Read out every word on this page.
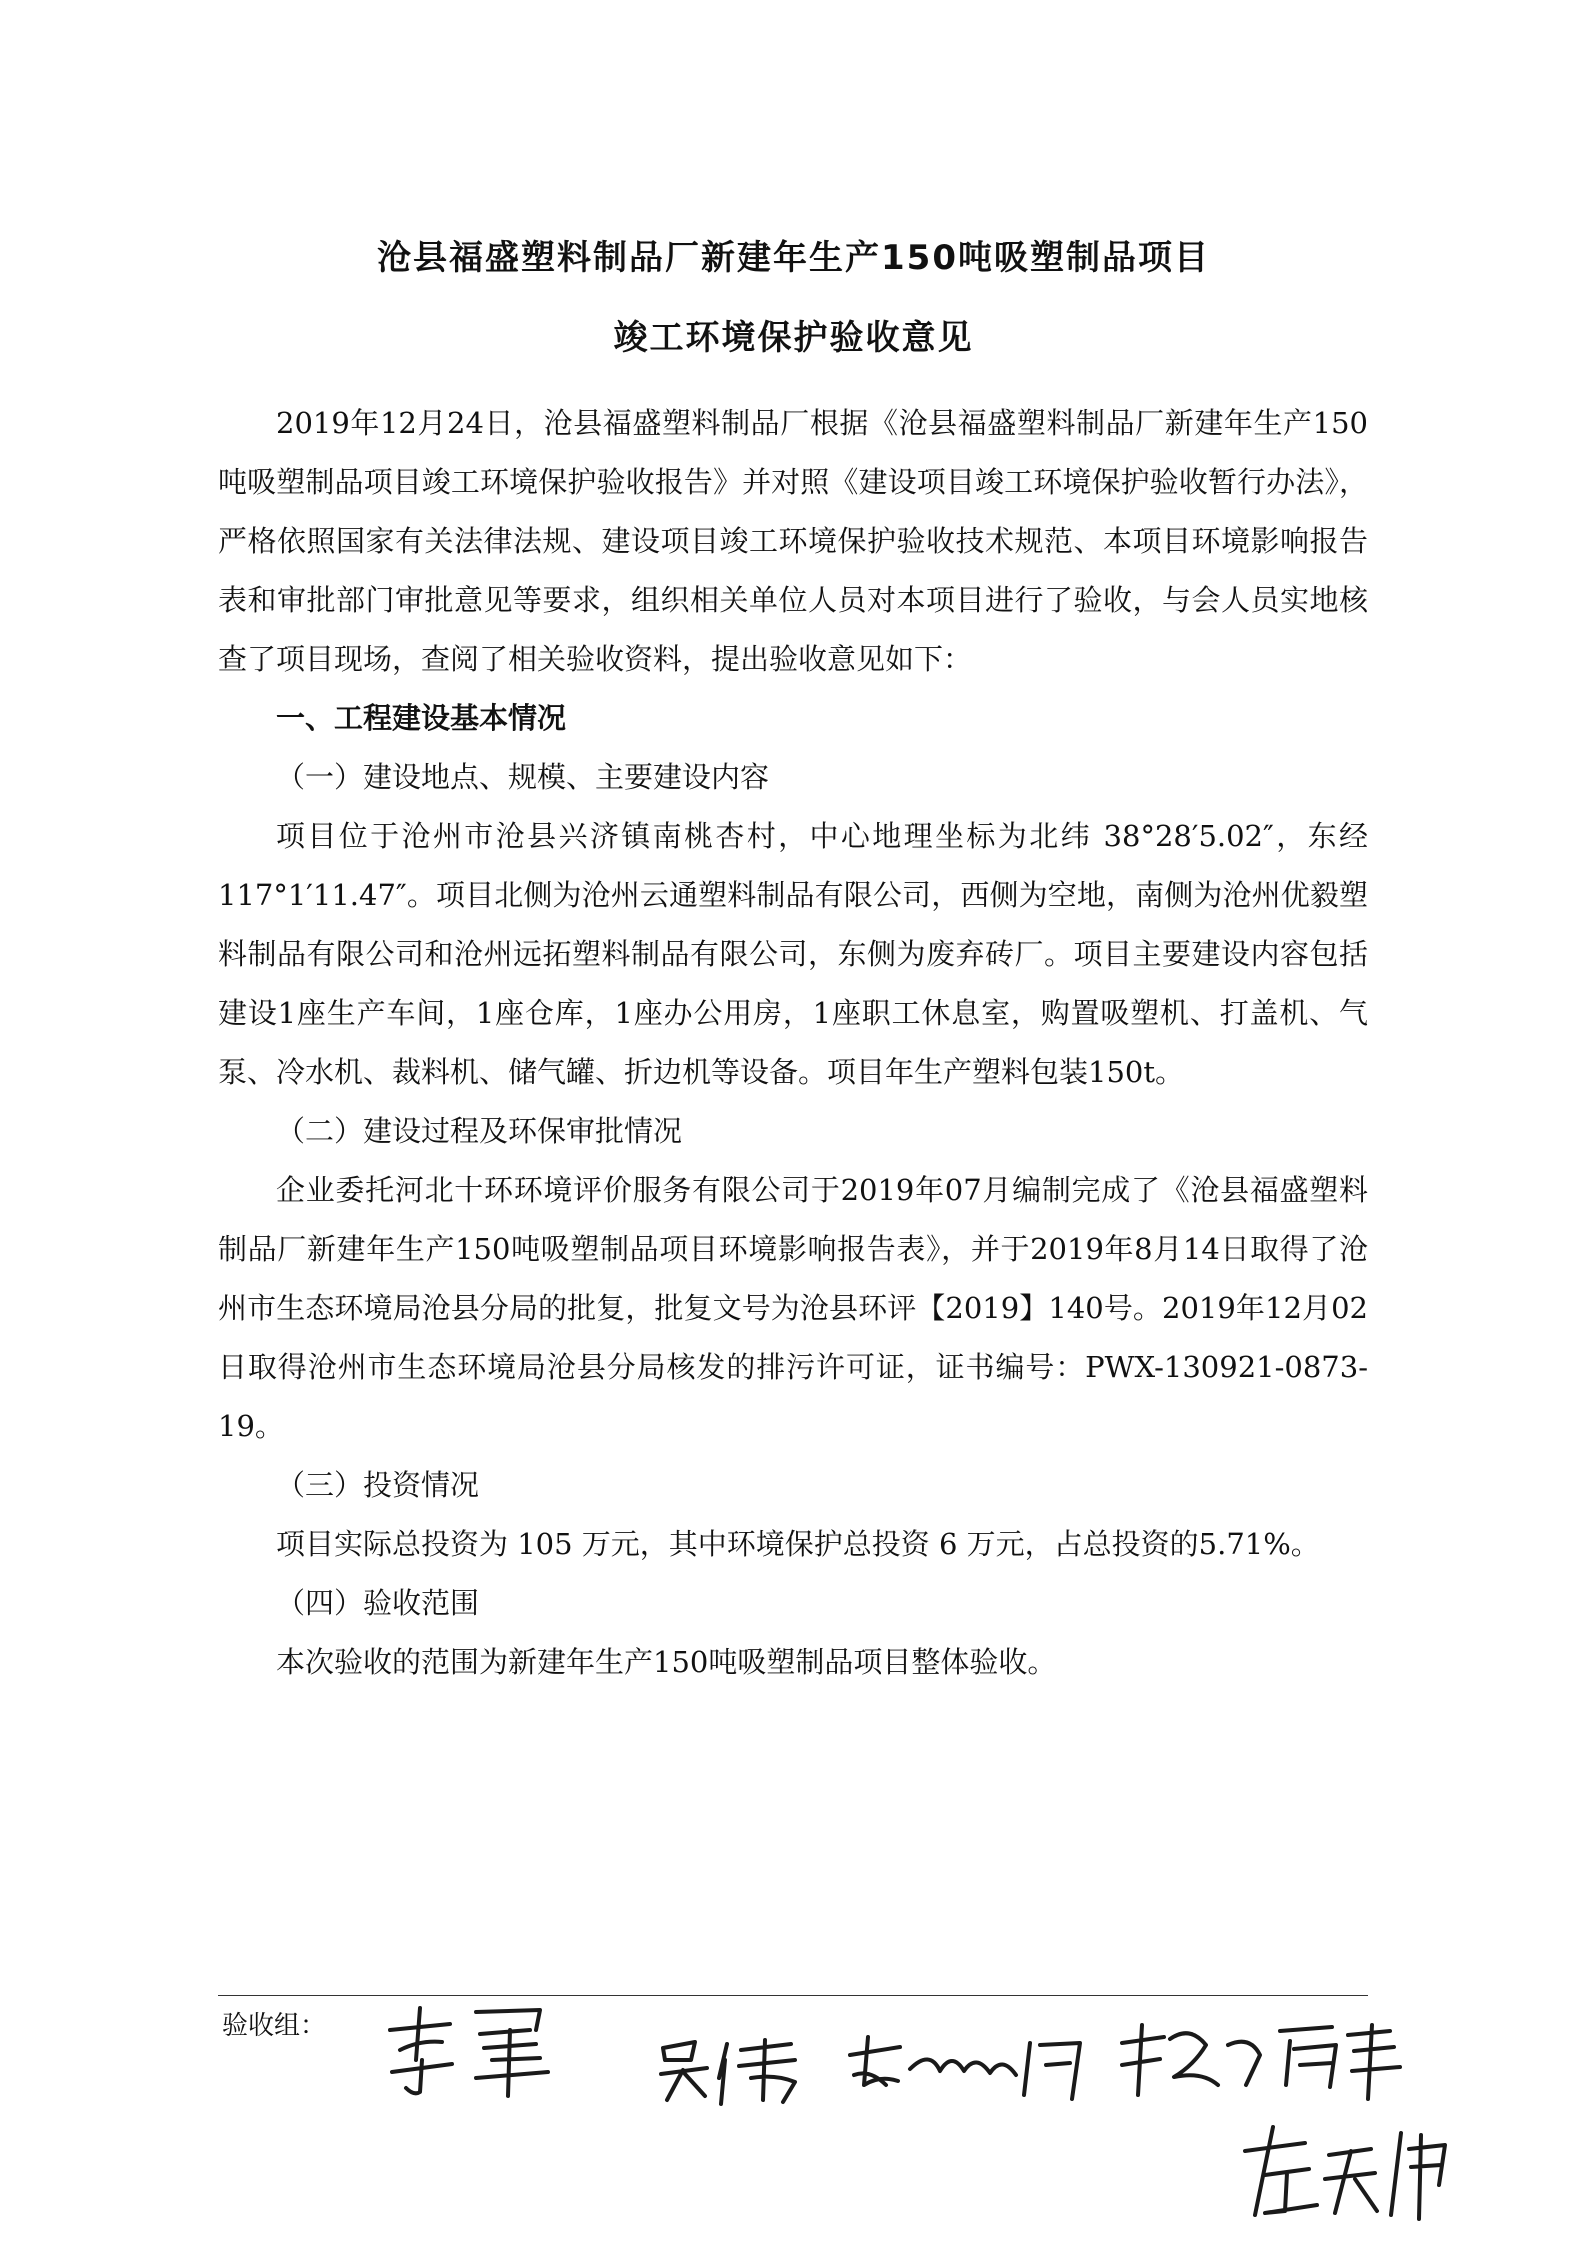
沧县福盛塑料制品厂新建年生产150吨吸塑制品项目
竣工环境保护验收意见

2019年12月24日，沧县福盛塑料制品厂根据《沧县福盛塑料制品厂新建年生产150吨吸塑制品项目竣工环境保护验收报告》并对照《建设项目竣工环境保护验收暂行办法》，严格依照国家有关法律法规、建设项目竣工环境保护验收技术规范、本项目环境影响报告表和审批部门审批意见等要求，组织相关单位人员对本项目进行了验收，与会人员实地核查了项目现场，查阅了相关验收资料，提出验收意见如下：

一、工程建设基本情况

（一）建设地点、规模、主要建设内容

项目位于沧州市沧县兴济镇南桃杏村，中心地理坐标为北纬 38°28′5.02″，东经 117°1′11.47″。项目北侧为沧州云通塑料制品有限公司，西侧为空地，南侧为沧州优毅塑料制品有限公司和沧州远拓塑料制品有限公司，东侧为废弃砖厂。项目主要建设内容包括建设1座生产车间，1座仓库，1座办公用房，1座职工休息室，购置吸塑机、打盖机、气泵、冷水机、裁料机、储气罐、折边机等设备。项目年生产塑料包装150t。

（二）建设过程及环保审批情况

企业委托河北十环环境评价服务有限公司于2019年07月编制完成了《沧县福盛塑料制品厂新建年生产150吨吸塑制品项目环境影响报告表》，并于2019年8月14日取得了沧州市生态环境局沧县分局的批复，批复文号为沧县环评【2019】140号。2019年12月02日取得沧州市生态环境局沧县分局核发的排污许可证，证书编号：PWX-130921-0873-19。

（三）投资情况

项目实际总投资为 105 万元，其中环境保护总投资 6 万元，占总投资的5.71%。

（四）验收范围

本次验收的范围为新建年生产150吨吸塑制品项目整体验收。

验收组：
